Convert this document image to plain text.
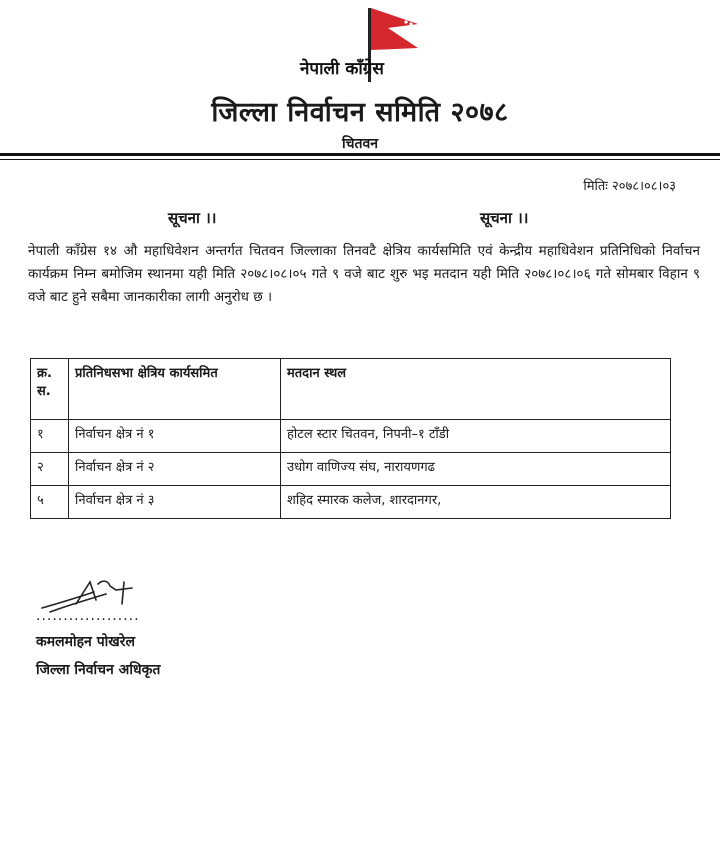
नेपाली काँग्रेस
जिल्ला निर्वाचन समिति २०७८
चितवन
मितिः २०७८।०८।०३
सूचना ।।	सूचना ।।
नेपाली काँग्रेस १४ औ महाधिवेशन अन्तर्गत चितवन जिल्लाका तिनवटै क्षेत्रिय कार्यसमिति एवं केन्द्रीय महाधिवेशन प्रतिनिधिको निर्वाचन कार्यक्रम निम्न बमोजिम स्थानमा यही मिति २०७८।०८।०५ गते ९ वजे बाट शुरु भइ मतदान यही मिति २०७८।०८।०६ गते सोमबार विहान ९ वजे बाट हुने सबैमा जानकारीका लागी अनुरोध छ ।
क्र. स.	प्रतिनिधसभा क्षेत्रिय कार्यसमित	मतदान स्थल
१	निर्वाचन क्षेत्र नं १	होटल स्टार चितवन, निपनी–१ टाँडी
२	निर्वाचन क्षेत्र नं २	उधोग वाणिज्य संघ, नारायणगढ
५	निर्वाचन क्षेत्र नं ३	शहिद स्मारक कलेज, शारदानगर,
...................
कमलमोहन पोखरेल
जिल्ला निर्वाचन अधिकृत
